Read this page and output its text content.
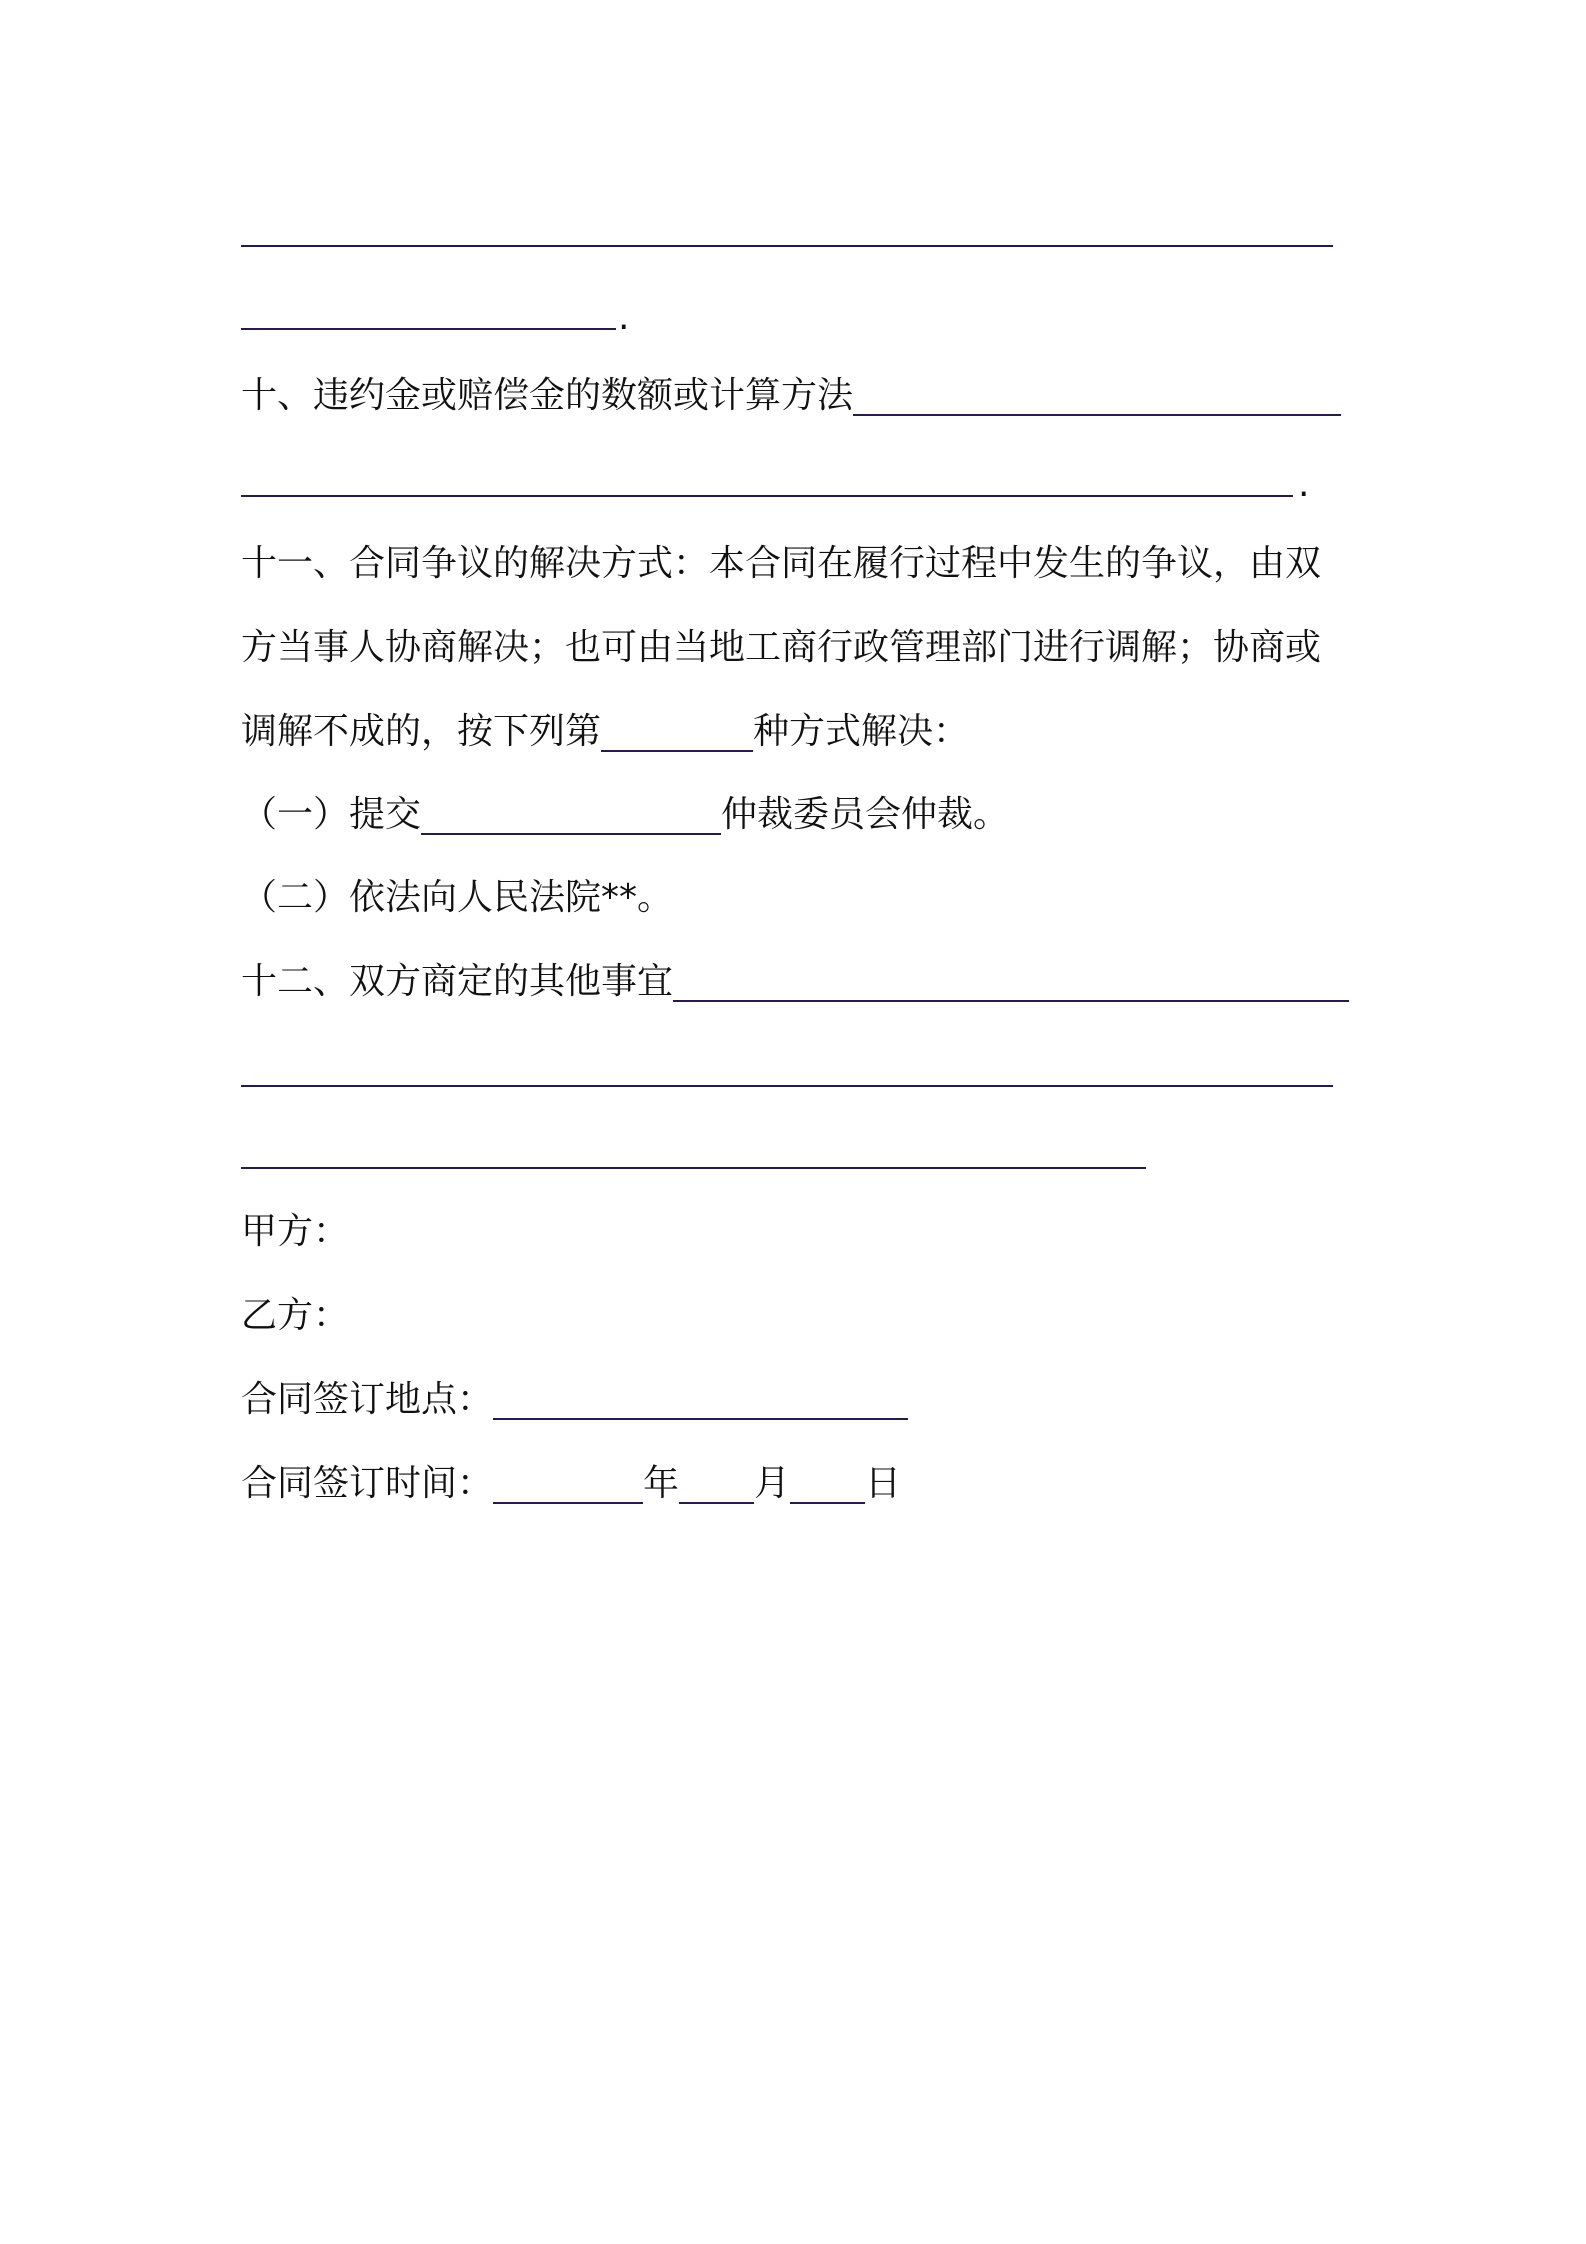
.
十、违约金或赔偿金的数额或计算方法
.
十一、合同争议的解决方式：本合同在履行过程中发生的争议，由双
方当事人协商解决；也可由当地工商行政管理部门进行调解；协商或
调解不成的，按下列第	种方式解决：
（一）提交	仲裁委员会仲裁。
（二）依法向人民法院**。
十二、双方商定的其他事宜
甲方：
乙方：
合同签订地点：
合同签订时间：	年 月 日
